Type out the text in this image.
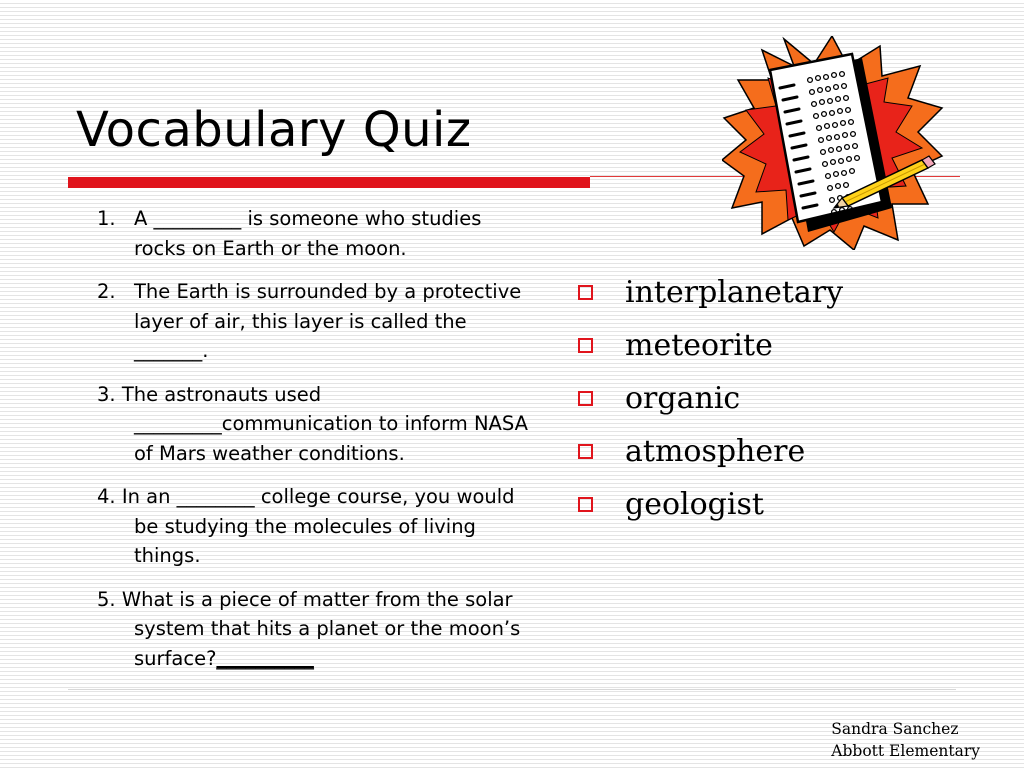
Vocabulary Quiz
1. A _________ is someone who studies rocks on Earth or the moon.
2. The Earth is surrounded by a protective layer of air, this layer is called the _______.
3. The astronauts used _________communication to inform NASA of Mars weather conditions.
4. In an ________ college course, you would be studying the molecules of living things.
5. What is a piece of matter from the solar system that hits a planet or the moon’s surface?__________
interplanetary
meteorite
organic
atmosphere
geologist
Sandra Sanchez
Abbott Elementary
